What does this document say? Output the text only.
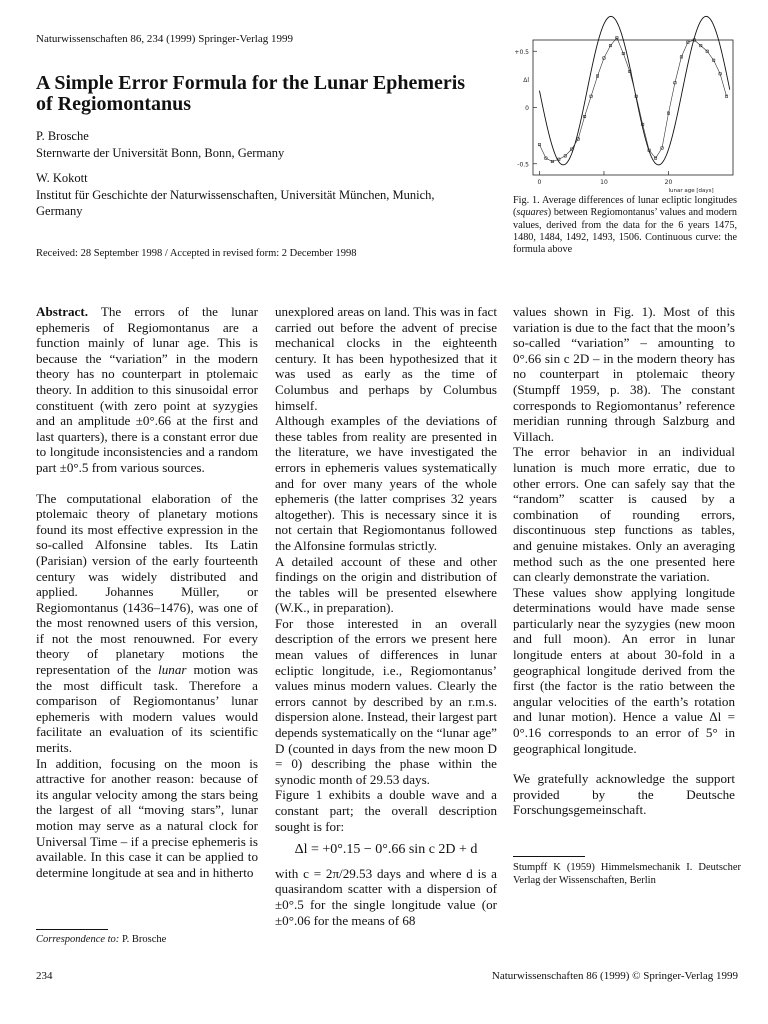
Naturwissenschaften 86, 234 (1999) Springer-Verlag 1999
A Simple Error Formula for the Lunar Ephemeris of Regiomontanus
P. Brosche
Sternwarte der Universität Bonn, Bonn, Germany
W. Kokott
Institut für Geschichte der Naturwissenschaften, Universität München, Munich, Germany
Received: 28 September 1998 / Accepted in revised form: 2 December 1998
+0.5
Δl
0
-0.5
0	10	20
lunar age [days]
Fig. 1. Average differences of lunar ecliptic longitudes (squares) between Regiomontanus’ values and modern values, derived from the data for the 6 years 1475, 1480, 1484, 1492, 1493, 1506. Continuous curve: the formula above

Abstract. The errors of the lunar ephemeris of Regiomontanus are a function mainly of lunar age. This is because the “variation” in the modern theory has no counterpart in ptolemaic theory. In addition to this sinusoidal error constituent (with zero point at syzygies and an amplitude ±0°.66 at the first and last quarters), there is a constant error due to longitude inconsistencies and a random part ±0°.5 from various sources.

The computational elaboration of the ptolemaic theory of planetary motions found its most effective expression in the so-called Alfonsine tables. Its Latin (Parisian) version of the early fourteenth century was widely distributed and applied. Johannes Müller, or Regiomontanus (1436–1476), was one of the most renowned users of this version, if not the most renouwned. For every theory of planetary motions the representation of the lunar motion was the most difficult task. Therefore a comparison of Regiomontanus’ lunar ephemeris with modern values would facilitate an evaluation of its scientific merits.

In addition, focusing on the moon is attractive for another reason: because of its angular velocity among the stars being the largest of all “moving stars”, lunar motion may serve as a natural clock for Universal Time – if a precise ephemeris is available. In this case it can be applied to determine longitude at sea and in hitherto

unexplored areas on land. This was in fact carried out before the advent of precise mechanical clocks in the eighteenth century. It has been hypothesized that it was used as early as the time of Columbus and perhaps by Columbus himself.

Although examples of the deviations of these tables from reality are presented in the literature, we have investigated the errors in ephemeris values systematically and for over many years of the whole ephemeris (the latter comprises 32 years altogether). This is necessary since it is not certain that Regiomontanus followed the Alfonsine formulas strictly.

A detailed account of these and other findings on the origin and distribution of the tables will be presented elsewhere (W.K., in preparation).

For those interested in an overall description of the errors we present here mean values of differences in lunar ecliptic longitude, i.e., Regiomontanus’ values minus modern values. Clearly the errors cannot by described by an r.m.s. dispersion alone. Instead, their largest part depends systematically on the “lunar age” D (counted in days from the new moon D = 0) describing the phase within the synodic month of 29.53 days.

Figure 1 exhibits a double wave and a constant part; the overall description sought is for:

Δl = +0°.15 − 0°.66 sin c 2D + d

with c = 2π/29.53 days and where d is a quasirandom scatter with a dispersion of ±0°.5 for the single longitude value (or ±0°.06 for the means of 68

values shown in Fig. 1). Most of this variation is due to the fact that the moon’s so-called “variation” – amounting to 0°.66 sin c 2D – in the modern theory has no counterpart in ptolemaic theory (Stumpff 1959, p. 38). The constant corresponds to Regiomontanus’ reference meridian running through Salzburg and Villach.

The error behavior in an individual lunation is much more erratic, due to other errors. One can safely say that the “random” scatter is caused by a combination of rounding errors, discontinuous step functions as tables, and genuine mistakes. Only an averaging method such as the one presented here can clearly demonstrate the variation.

These values show applying longitude determinations would have made sense particularly near the syzygies (new moon and full moon). An error in lunar longitude enters at about 30-fold in a geographical longitude derived from the first (the factor is the ratio between the angular velocities of the earth’s rotation and lunar motion). Hence a value Δl = 0°.16 corresponds to an error of 5° in geographical longitude.

We gratefully acknowledge the support provided by the Deutsche Forschungsgemeinschaft.

Stumpff K (1959) Himmelsmechanik I. Deutscher Verlag der Wissenschaften, Berlin
Correspondence to: P. Brosche
234	Naturwissenschaften 86 (1999) © Springer-Verlag 1999
